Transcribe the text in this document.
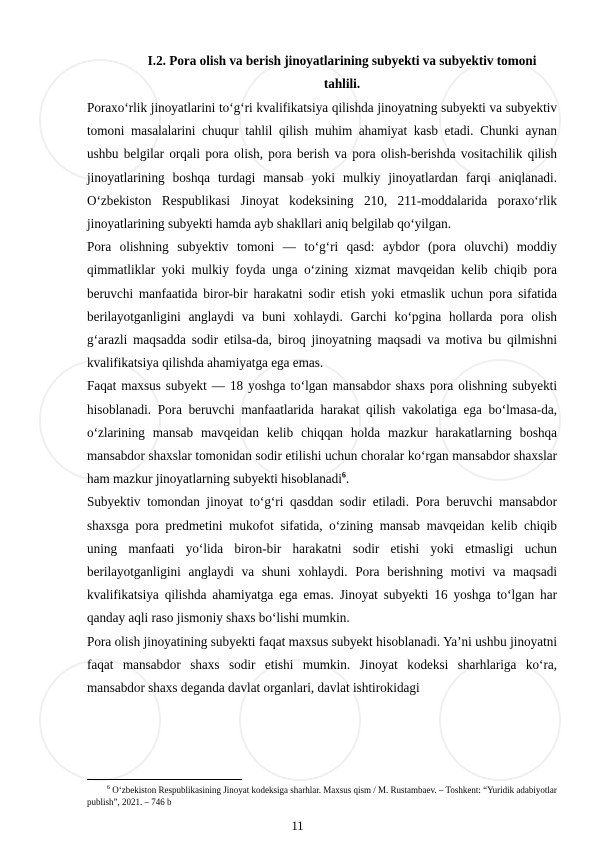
I.2. Pora olish va berish jinoyatlarining subyekti va subyektiv tomoni
tahlili.

Poraxo‘rlik jinoyatlarini to‘g‘ri kvalifikatsiya qilishda jinoyatning subyekti va subyektiv tomoni masalalarini chuqur tahlil qilish muhim ahamiyat kasb etadi. Chunki aynan ushbu belgilar orqali pora olish, pora berish va pora olish-berishda vositachilik qilish jinoyatlarining boshqa turdagi mansab yoki mulkiy jinoyatlardan farqi aniqlanadi. O‘zbekiston Respublikasi Jinoyat kodeksining 210, 211-moddalarida poraxo‘rlik jinoyatlarining subyekti hamda ayb shakllari aniq belgilab qo‘yilgan.

Pora olishning subyektiv tomoni — to‘g‘ri qasd: aybdor (pora oluvchi) moddiy qimmatliklar yoki mulkiy foyda unga o‘zining xizmat mavqeidan kelib chiqib pora beruvchi manfaatida biror-bir harakatni sodir etish yoki etmaslik uchun pora sifatida berilayotganligini anglaydi va buni xohlaydi. Garchi ko‘pgina hollarda pora olish g‘arazli maqsadda sodir etilsa-da, biroq jinoyatning maqsadi va motiva bu qilmishni kvalifikatsiya qilishda ahamiyatga ega emas.

Faqat maxsus subyekt — 18 yoshga to‘lgan mansabdor shaxs pora olishning subyekti hisoblanadi. Pora beruvchi manfaatlarida harakat qilish vakolatiga ega bo‘lmasa-da, o‘zlarining mansab mavqeidan kelib chiqqan holda mazkur harakatlarning boshqa mansabdor shaxslar tomonidan sodir etilishi uchun choralar ko‘rgan mansabdor shaxslar ham mazkur jinoyatlarning subyekti hisoblanadi$^6$.

Subyektiv tomondan jinoyat to‘g‘ri qasddan sodir etiladi. Pora beruvchi mansabdor shaxsga pora predmetini mukofot sifatida, o‘zining mansab mavqeidan kelib chiqib uning manfaati yo‘lida biron-bir harakatni sodir etishi yoki etmasligi uchun berilayotganligini anglaydi va shuni xohlaydi. Pora berishning motivi va maqsadi kvalifikatsiya qilishda ahamiyatga ega emas. Jinoyat subyekti 16 yoshga to‘lgan har qanday aqli raso jismoniy shaxs bo‘lishi mumkin.

Pora olish jinoyatining subyekti faqat maxsus subyekt hisoblanadi. Ya’ni ushbu jinoyatni faqat mansabdor shaxs sodir etishi mumkin. Jinoyat kodeksi sharhlariga ko‘ra, mansabdor shaxs deganda davlat organlari, davlat ishtirokidagi

$^6$ O‘zbekiston Respublikasining Jinoyat kodeksiga sharhlar. Maxsus qism / M. Rustambaev. – Toshkent: “Yuridik adabiyotlar publish”, 2021. – 746 b
11
